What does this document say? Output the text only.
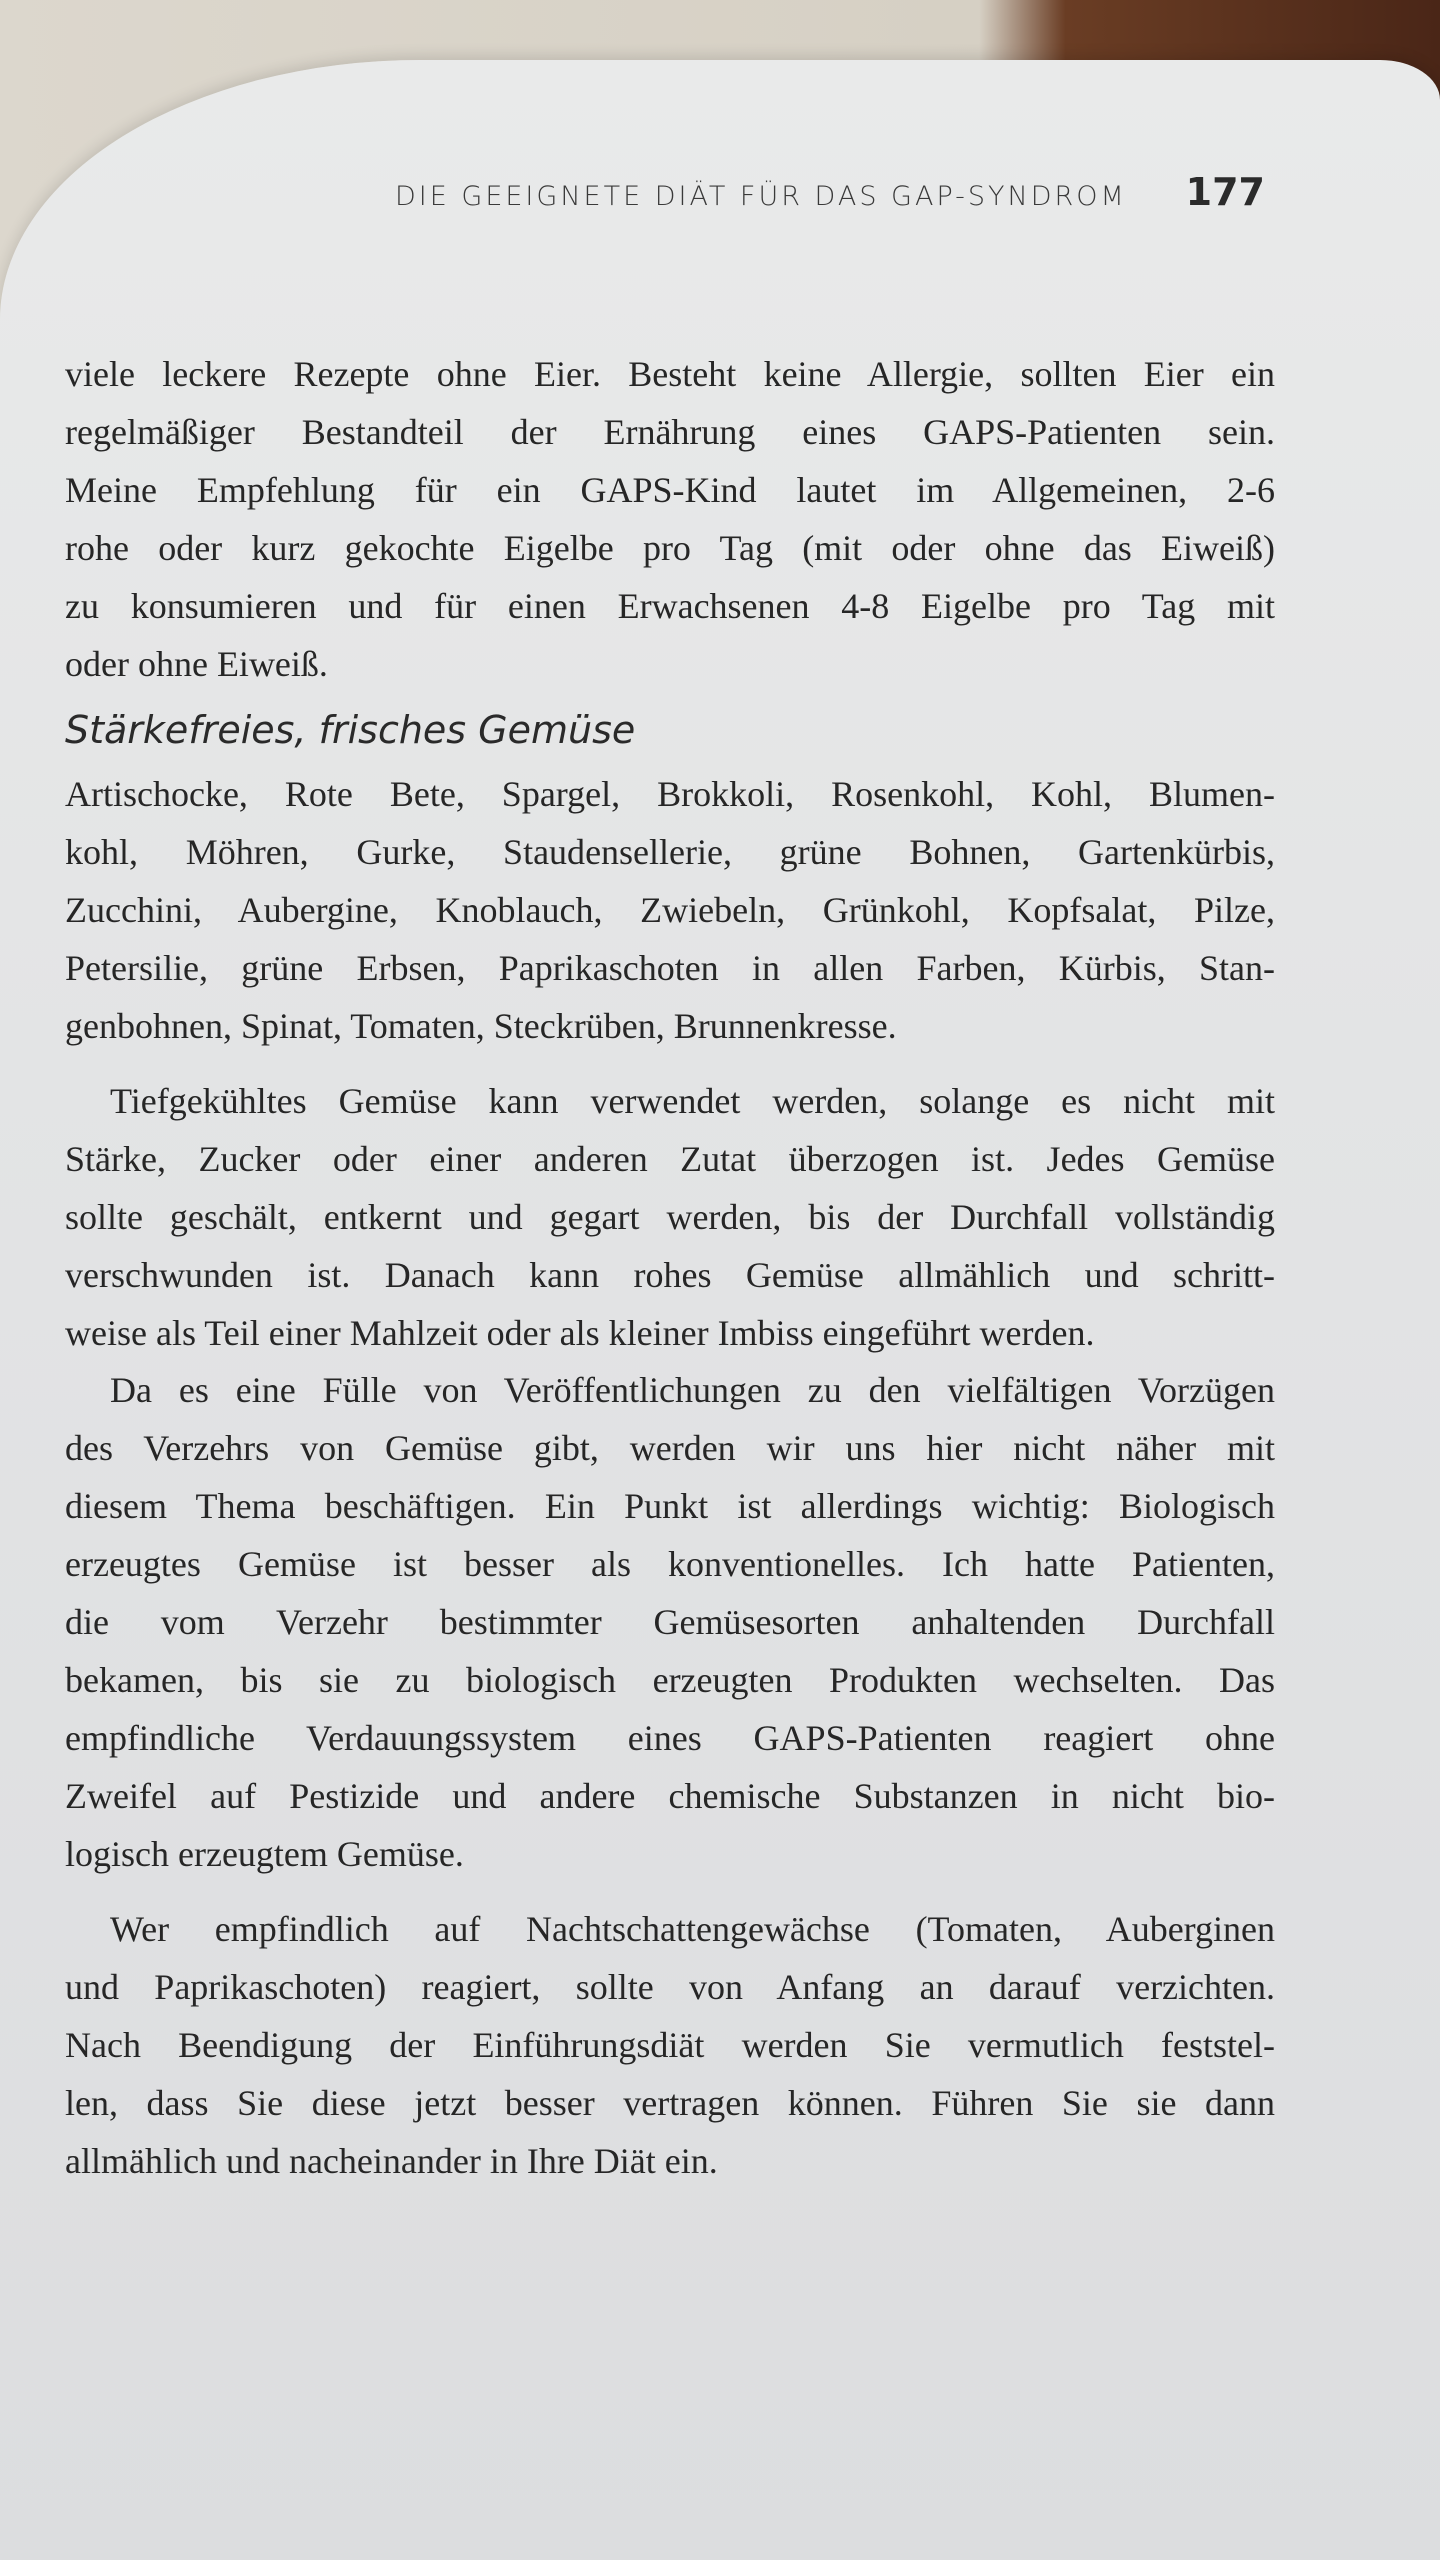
DIE GEEIGNETE DIÄT FÜR DAS GAP-SYNDROM 177
viele leckere Rezepte ohne Eier. Besteht keine Allergie, sollten Eier ein
regelmäßiger Bestandteil der Ernährung eines GAPS-Patienten sein.
Meine Empfehlung für ein GAPS-Kind lautet im Allgemeinen, 2-6
rohe oder kurz gekochte Eigelbe pro Tag (mit oder ohne das Eiweiß)
zu konsumieren und für einen Erwachsenen 4-8 Eigelbe pro Tag mit
oder ohne Eiweiß.
Stärkefreies, frisches Gemüse
Artischocke, Rote Bete, Spargel, Brokkoli, Rosenkohl, Kohl, Blumen-
kohl, Möhren, Gurke, Staudensellerie, grüne Bohnen, Gartenkürbis,
Zucchini, Aubergine, Knoblauch, Zwiebeln, Grünkohl, Kopfsalat, Pilze,
Petersilie, grüne Erbsen, Paprikaschoten in allen Farben, Kürbis, Stan-
genbohnen, Spinat, Tomaten, Steckrüben, Brunnenkresse.
Tiefgekühltes Gemüse kann verwendet werden, solange es nicht mit
Stärke, Zucker oder einer anderen Zutat überzogen ist. Jedes Gemüse
sollte geschält, entkernt und gegart werden, bis der Durchfall vollständig
verschwunden ist. Danach kann rohes Gemüse allmählich und schritt-
weise als Teil einer Mahlzeit oder als kleiner Imbiss eingeführt werden.
Da es eine Fülle von Veröffentlichungen zu den vielfältigen Vorzügen
des Verzehrs von Gemüse gibt, werden wir uns hier nicht näher mit
diesem Thema beschäftigen. Ein Punkt ist allerdings wichtig: Biologisch
erzeugtes Gemüse ist besser als konventionelles. Ich hatte Patienten,
die vom Verzehr bestimmter Gemüsesorten anhaltenden Durchfall
bekamen, bis sie zu biologisch erzeugten Produkten wechselten. Das
empfindliche Verdauungssystem eines GAPS-Patienten reagiert ohne
Zweifel auf Pestizide und andere chemische Substanzen in nicht bio-
logisch erzeugtem Gemüse.
Wer empfindlich auf Nachtschattengewächse (Tomaten, Auberginen
und Paprikaschoten) reagiert, sollte von Anfang an darauf verzichten.
Nach Beendigung der Einführungsdiät werden Sie vermutlich feststel-
len, dass Sie diese jetzt besser vertragen können. Führen Sie sie dann
allmählich und nacheinander in Ihre Diät ein.
